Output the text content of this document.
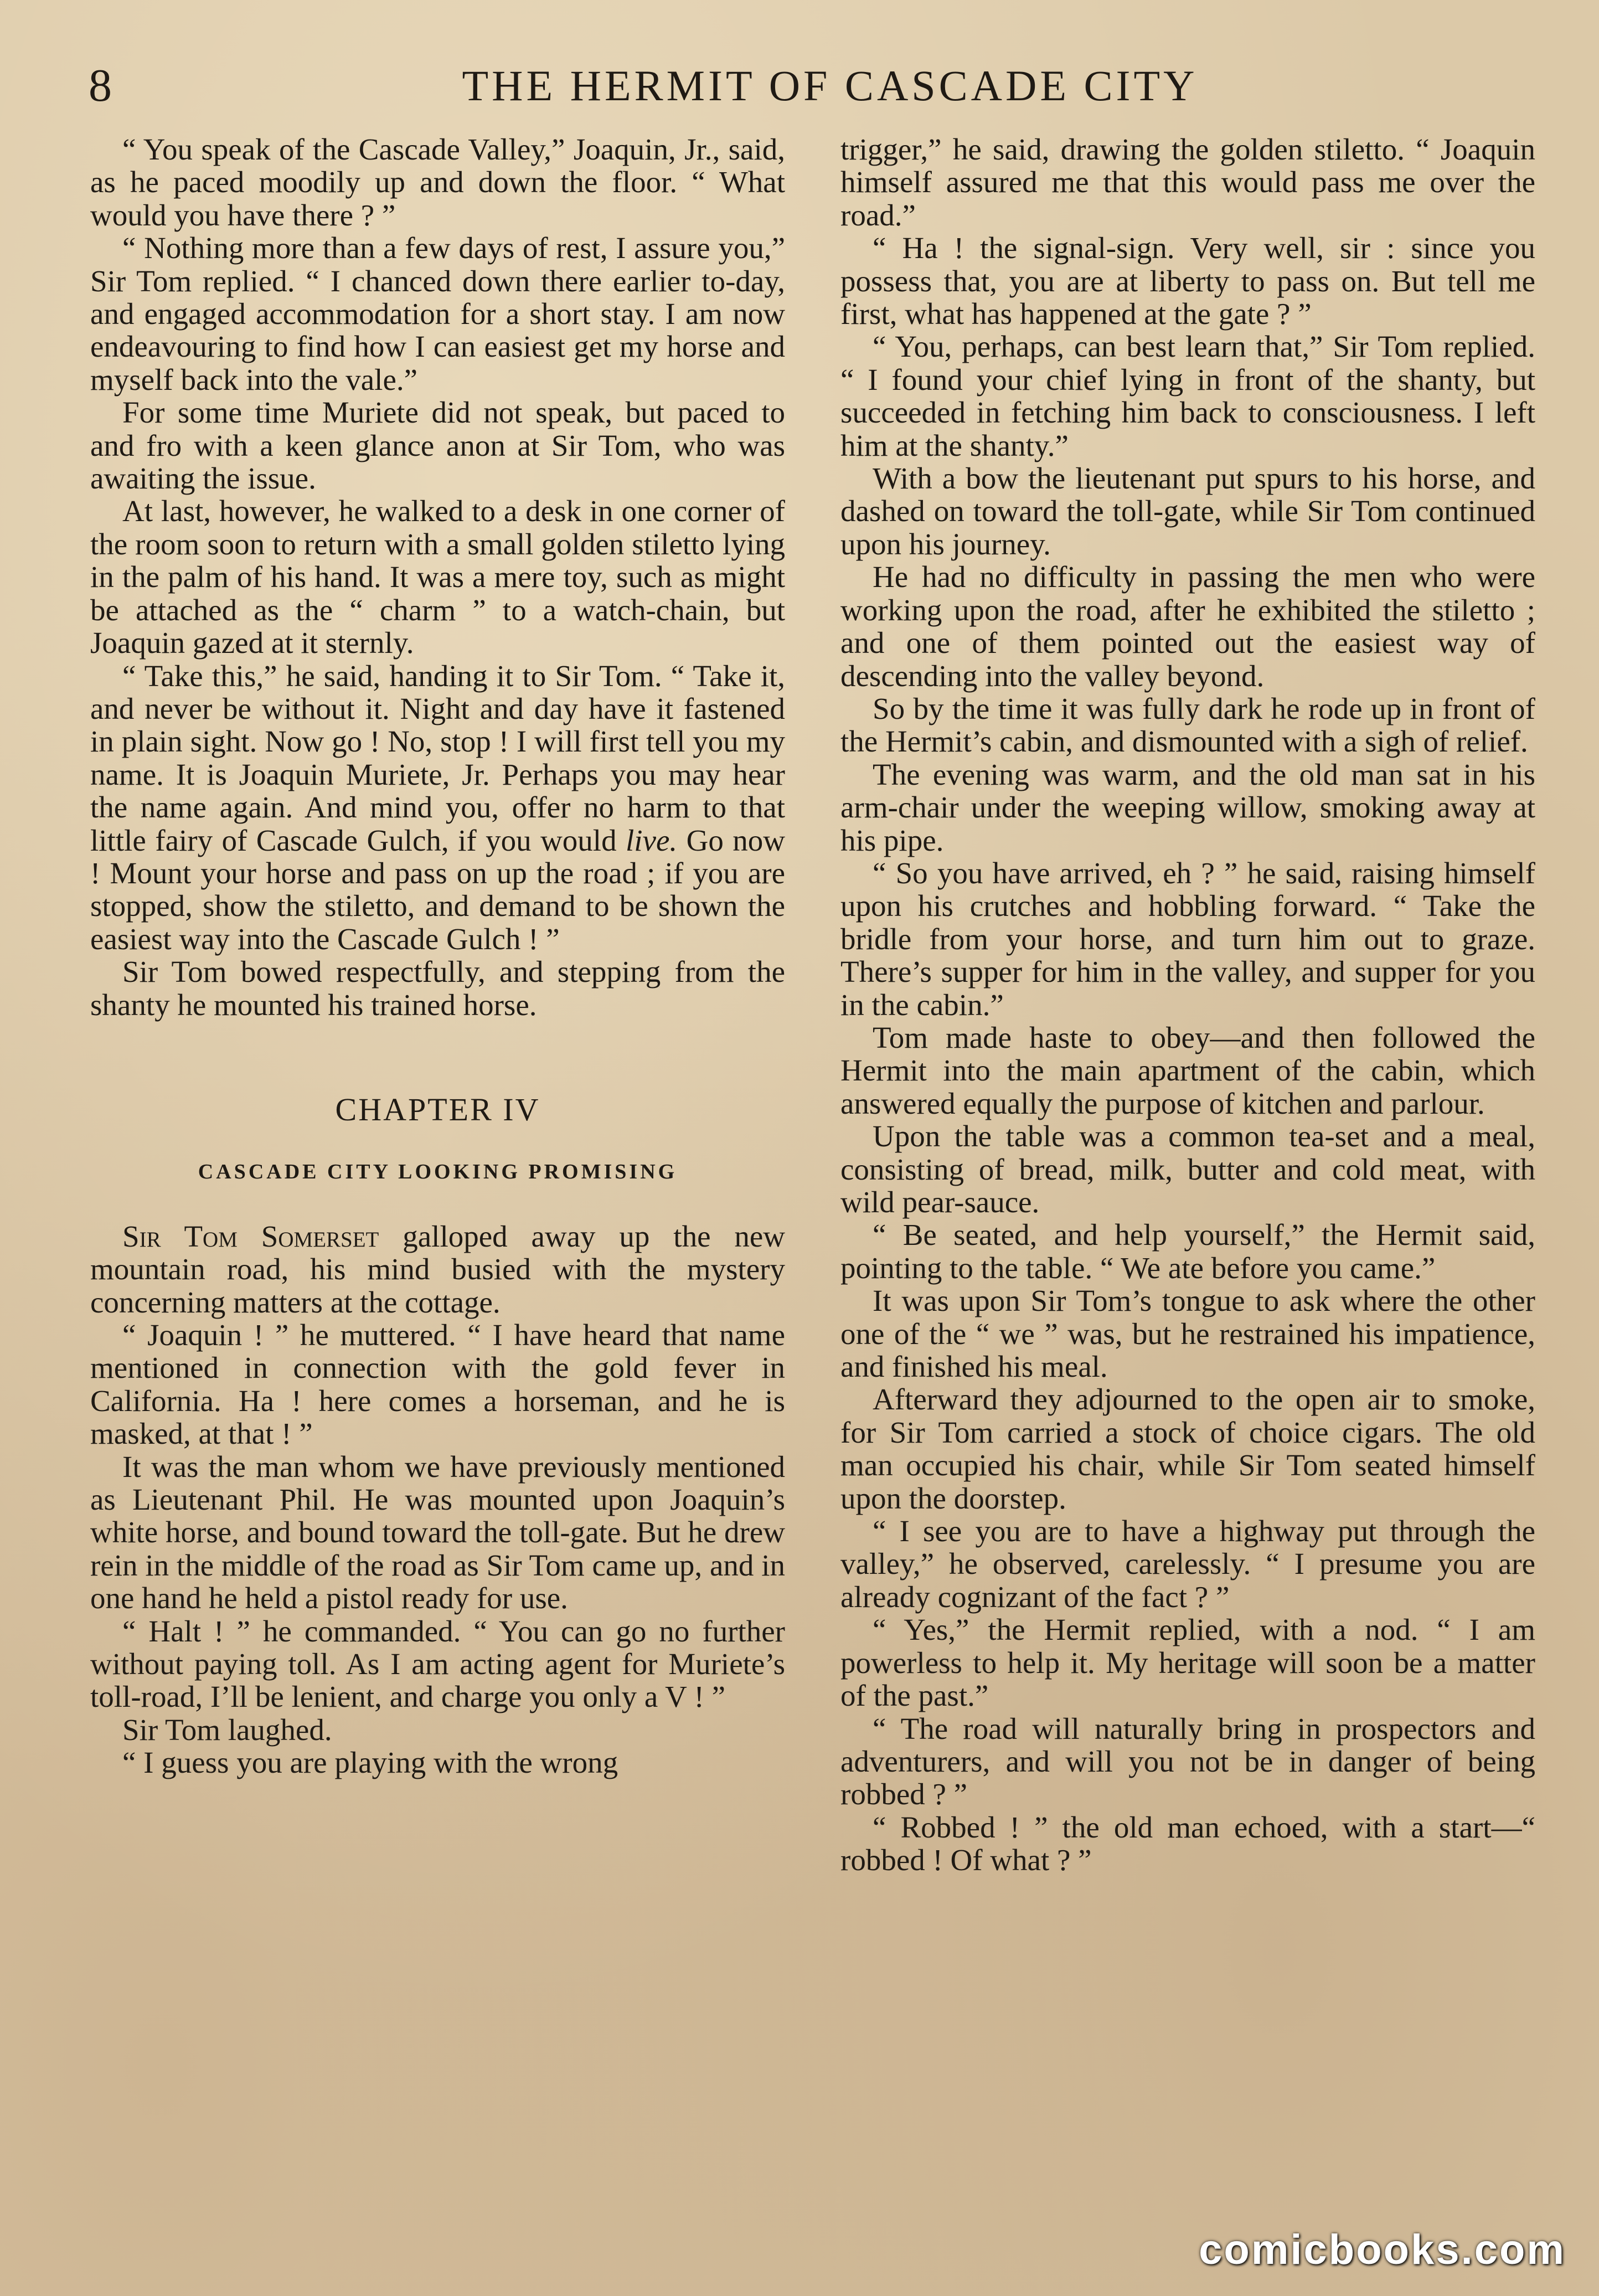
8	THE HERMIT OF CASCADE CITY

“ You speak of the Cascade Valley,” Joaquin, Jr., said, as he paced moodily up and down the floor. “ What would you have there ? ”

“ Nothing more than a few days of rest, I assure you,” Sir Tom replied. “ I chanced down there earlier to-day, and engaged accommodation for a short stay. I am now endeavouring to find how I can easiest get my horse and myself back into the vale.”

For some time Muriete did not speak, but paced to and fro with a keen glance anon at Sir Tom, who was awaiting the issue.

At last, however, he walked to a desk in one corner of the room soon to return with a small golden stiletto lying in the palm of his hand. It was a mere toy, such as might be attached as the “ charm ” to a watch-chain, but Joaquin gazed at it sternly.

“ Take this,” he said, handing it to Sir Tom. “ Take it, and never be without it. Night and day have it fastened in plain sight. Now go ! No, stop ! I will first tell you my name. It is Joaquin Muriete, Jr. Perhaps you may hear the name again. And mind you, offer no harm to that little fairy of Cascade Gulch, if you would live. Go now ! Mount your horse and pass on up the road ; if you are stopped, show the stiletto, and demand to be shown the easiest way into the Cascade Gulch ! ”

Sir Tom bowed respectfully, and stepping from the shanty he mounted his trained horse.

CHAPTER IV
CASCADE CITY LOOKING PROMISING

Sir Tom Somerset galloped away up the new mountain road, his mind busied with the mystery concerning matters at the cottage.

“ Joaquin ! ” he muttered. “ I have heard that name mentioned in connection with the gold fever in California. Ha ! here comes a horseman, and he is masked, at that ! ”

It was the man whom we have previously mentioned as Lieutenant Phil. He was mounted upon Joaquin’s white horse, and bound toward the toll-gate. But he drew rein in the middle of the road as Sir Tom came up, and in one hand he held a pistol ready for use.

“ Halt ! ” he commanded. “ You can go no further without paying toll. As I am acting agent for Muriete’s toll-road, I’ll be lenient, and charge you only a V ! ”

Sir Tom laughed.

“ I guess you are playing with the wrong

trigger,” he said, drawing the golden stiletto. “ Joaquin himself assured me that this would pass me over the road.”

“ Ha ! the signal-sign. Very well, sir : since you possess that, you are at liberty to pass on. But tell me first, what has happened at the gate ? ”

“ You, perhaps, can best learn that,” Sir Tom replied. “ I found your chief lying in front of the shanty, but succeeded in fetching him back to consciousness. I left him at the shanty.”

With a bow the lieutenant put spurs to his horse, and dashed on toward the toll-gate, while Sir Tom continued upon his journey.

He had no difficulty in passing the men who were working upon the road, after he exhibited the stiletto ; and one of them pointed out the easiest way of descending into the valley beyond.

So by the time it was fully dark he rode up in front of the Hermit’s cabin, and dismounted with a sigh of relief.

The evening was warm, and the old man sat in his arm-chair under the weeping willow, smoking away at his pipe.

“ So you have arrived, eh ? ” he said, raising himself upon his crutches and hobbling forward. “ Take the bridle from your horse, and turn him out to graze. There’s supper for him in the valley, and supper for you in the cabin.”

Tom made haste to obey—and then followed the Hermit into the main apartment of the cabin, which answered equally the purpose of kitchen and parlour.

Upon the table was a common tea-set and a meal, consisting of bread, milk, butter and cold meat, with wild pear-sauce.

“ Be seated, and help yourself,” the Hermit said, pointing to the table. “ We ate before you came.”

It was upon Sir Tom’s tongue to ask where the other one of the “ we ” was, but he restrained his impatience, and finished his meal.

Afterward they adjourned to the open air to smoke, for Sir Tom carried a stock of choice cigars. The old man occupied his chair, while Sir Tom seated himself upon the doorstep.

“ I see you are to have a highway put through the valley,” he observed, carelessly. “ I presume you are already cognizant of the fact ? ”

“ Yes,” the Hermit replied, with a nod. “ I am powerless to help it. My heritage will soon be a matter of the past.”

“ The road will naturally bring in prospectors and adventurers, and will you not be in danger of being robbed ? ”

“ Robbed ! ” the old man echoed, with a start—“ robbed ! Of what ? ”

comicbooks.com
